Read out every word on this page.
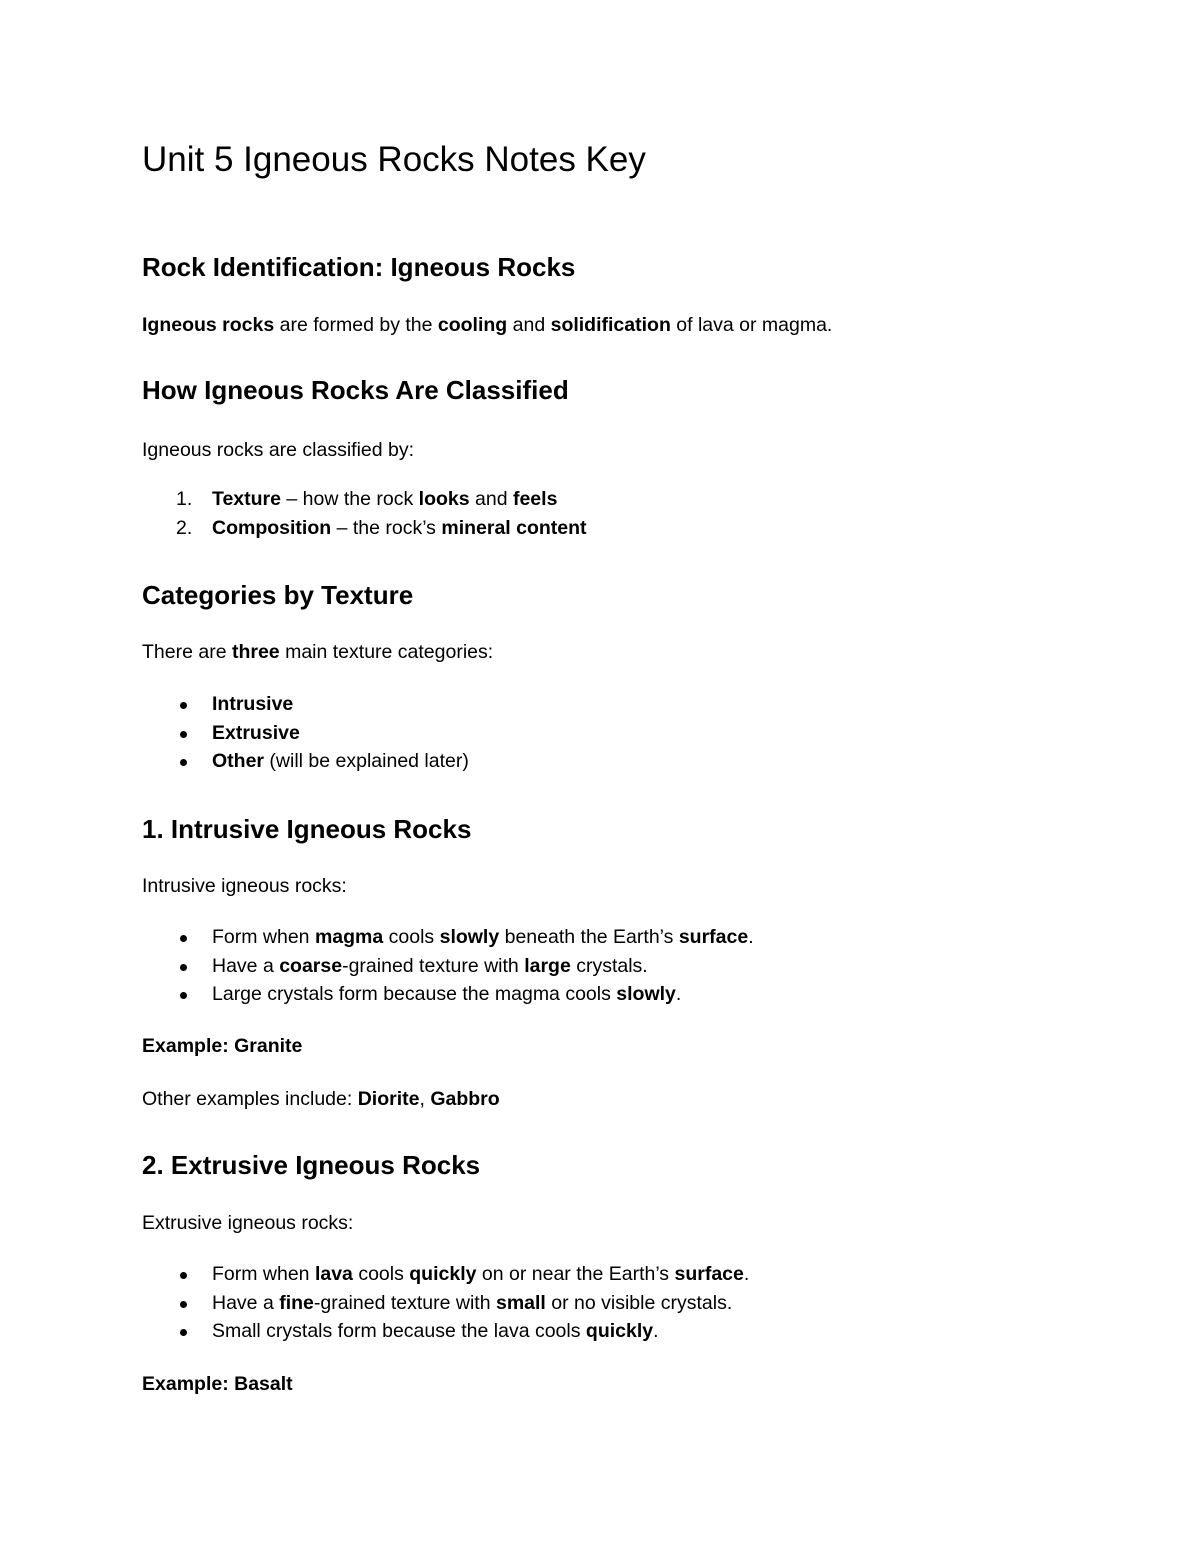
Unit 5 Igneous Rocks Notes Key
Rock Identification: Igneous Rocks

Igneous rocks are formed by the cooling and solidification of lava or magma.

How Igneous Rocks Are Classified

Igneous rocks are classified by:

1. Texture – how the rock looks and feels
2. Composition – the rock’s mineral content
Categories by Texture

There are three main texture categories:

Intrusive
Extrusive
Other (will be explained later)
1. Intrusive Igneous Rocks

Intrusive igneous rocks:

Form when magma cools slowly beneath the Earth’s surface.
Have a coarse-grained texture with large crystals.
Large crystals form because the magma cools slowly.

Example: Granite

Other examples include: Diorite, Gabbro

2. Extrusive Igneous Rocks

Extrusive igneous rocks:

Form when lava cools quickly on or near the Earth’s surface.
Have a fine-grained texture with small or no visible crystals.
Small crystals form because the lava cools quickly.

Example: Basalt
